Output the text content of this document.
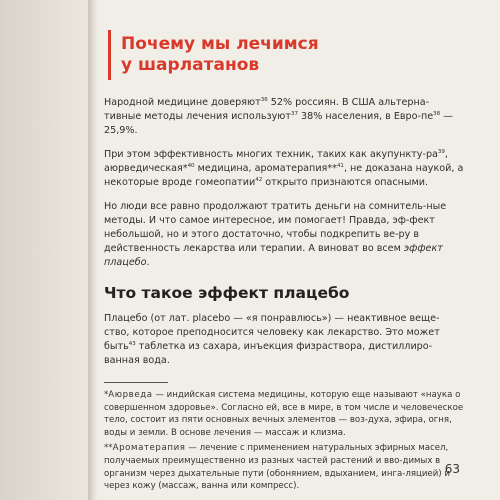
Почему мы лечимся
у шарлатанов

Народной медицине доверяют$^{36}$ 52% россиян. В США альтерна-тивные методы лечения используют$^{37}$ 38% населения, в Евро-$пе^{38}$ — 25,9%.

При этом эффективность многих техник, таких как акупункту-$ра^{39}$, аюрведическая*$^{40}$ медицина, ароматерапия**$^{41}$, не доказана наукой, а некоторые вроде гомеопатии$^{42}$ открыто признаются опасными.

Но люди все равно продолжают тратить деньги на сомнитель-ные методы. И что самое интересное, им помогает! Правда, эф-фект небольшой, но и этого достаточно, чтобы подкрепить ве-ру в действенность лекарства или терапии. А виноват во всем эффект плацебо.

Что такое эффект плацебо

Плацебо (от лат. placebo — «я понравлюсь») — неактивное веще-ство, которое преподносится человеку как лекарство. Это может быть$^{43}$ таблетка из сахара, инъекция физраствора, дистиллиро-ванная вода.

*Аюрведа — индийская система медицины, которую еще называют «наука о совершенном здоровье». Согласно ей, все в мире, в том числе и человеческое тело, состоит из пяти основных вечных элементов — воз-духа, эфира, огня, воды и земли. В основе лечения — массаж и клизма.

**Ароматерапия — лечение с применением натуральных эфирных масел, получаемых преимущественно из разных частей растений и вво-димых в организм через дыхательные пути (обонянием, вдыханием, инга-ляцией) и через кожу (массаж, ванна или компресс).

63
